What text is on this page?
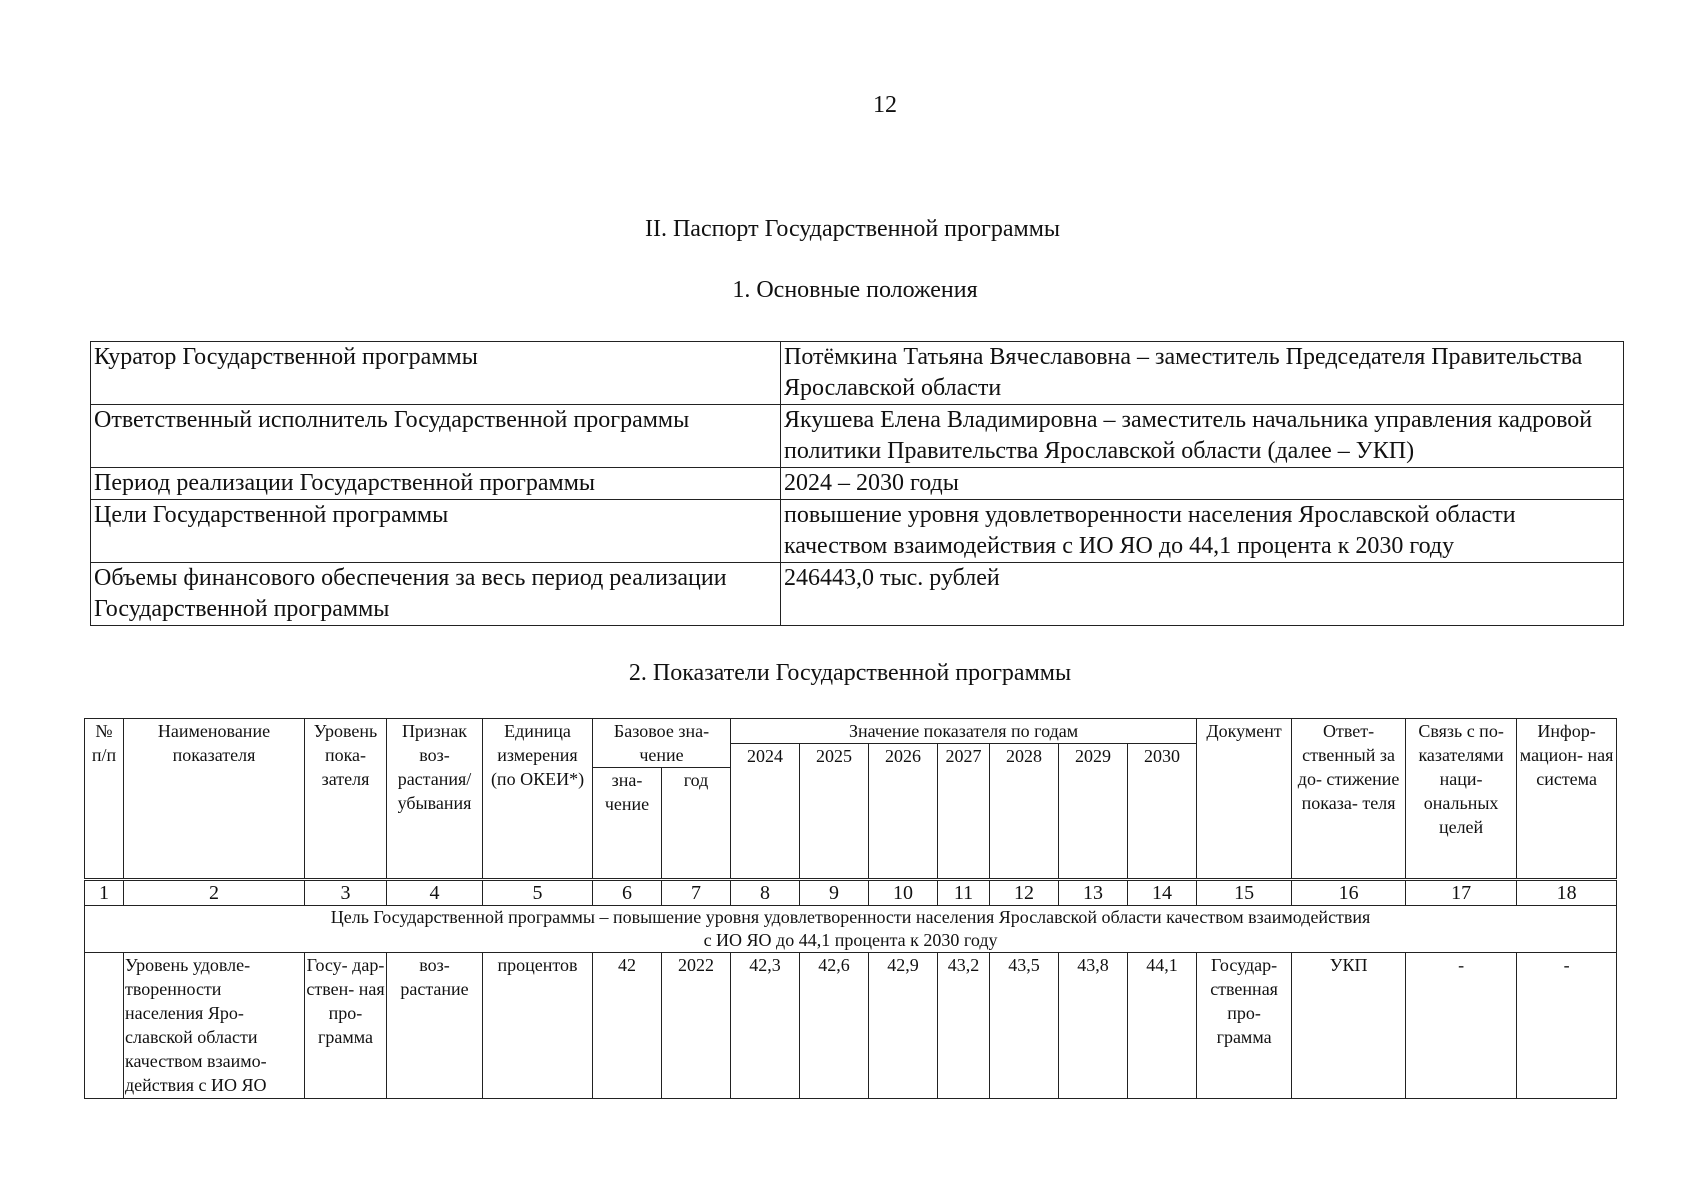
12
II. Паспорт Государственной программы
1. Основные положения
Куратор Государственной программы	Потёмкина Татьяна Вячеславовна – заместитель Председателя Правительства Ярославской области
Ответственный исполнитель Государственной программы	Якушева Елена Владимировна – заместитель начальника управления кадровой политики Правительства Ярославской области (далее – УКП)
Период реализации Государственной программы	2024 – 2030 годы
Цели Государственной программы	повышение уровня удовлетворенности населения Ярославской области качеством взаимодействия с ИО ЯО до 44,1 процента к 2030 году
Объемы финансового обеспечения за весь период реализации Государственной программы	246443,0 тыс. рублей
2. Показатели Государственной программы
№ п/п	Наименование показателя	Уровень пока- зателя	Признак воз- растания/ убывания	Единица измерения (по ОКЕИ*)	Базовое зна- чение		Значение показателя по годам							Документ	Ответ- ственный за до- стижение показа- теля	Связь с по- казателями наци- ональных целей	Инфор- мацион- ная система
							2024	2025	2026	2027	2028	2029	2030				
					зна- чение	год											
1	2	3	4	5	6	7	8	9	10	11	12	13	14	15	16	17	18

Цель Государственной программы – повышение уровня удовлетворенности населения Ярославской области качеством взаимодействия
с ИО ЯО до 44,1 процента к 2030 году																	

	Уровень удовле- творенности населения Яро- славской области качеством взаимо- действия с ИО ЯО	Госу- дар- ствен- ная про- грамма	воз- растание	процентов	42	2022	42,3	42,6	42,9	43,2	43,5	43,8	44,1	Государ- ственная про- грамма	УКП	-	-
